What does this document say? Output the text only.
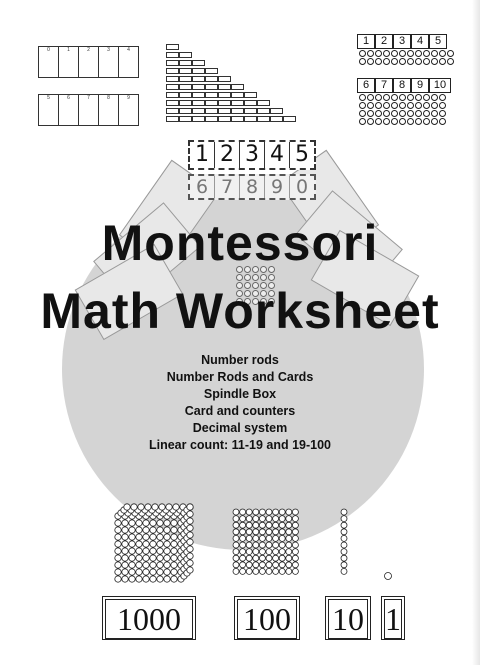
0	1	2	3	4
5	6	7	8	9
1	2	3	4	5
6	7	8	9 10
1 2 3 4 5
6 7 8 9 0
Montessori
Math Worksheet
Number rods
Number Rods and Cards
Spindle Box
Card and counters
Decimal system
Linear count: 11-19 and 19-100
1000	100 10 1
